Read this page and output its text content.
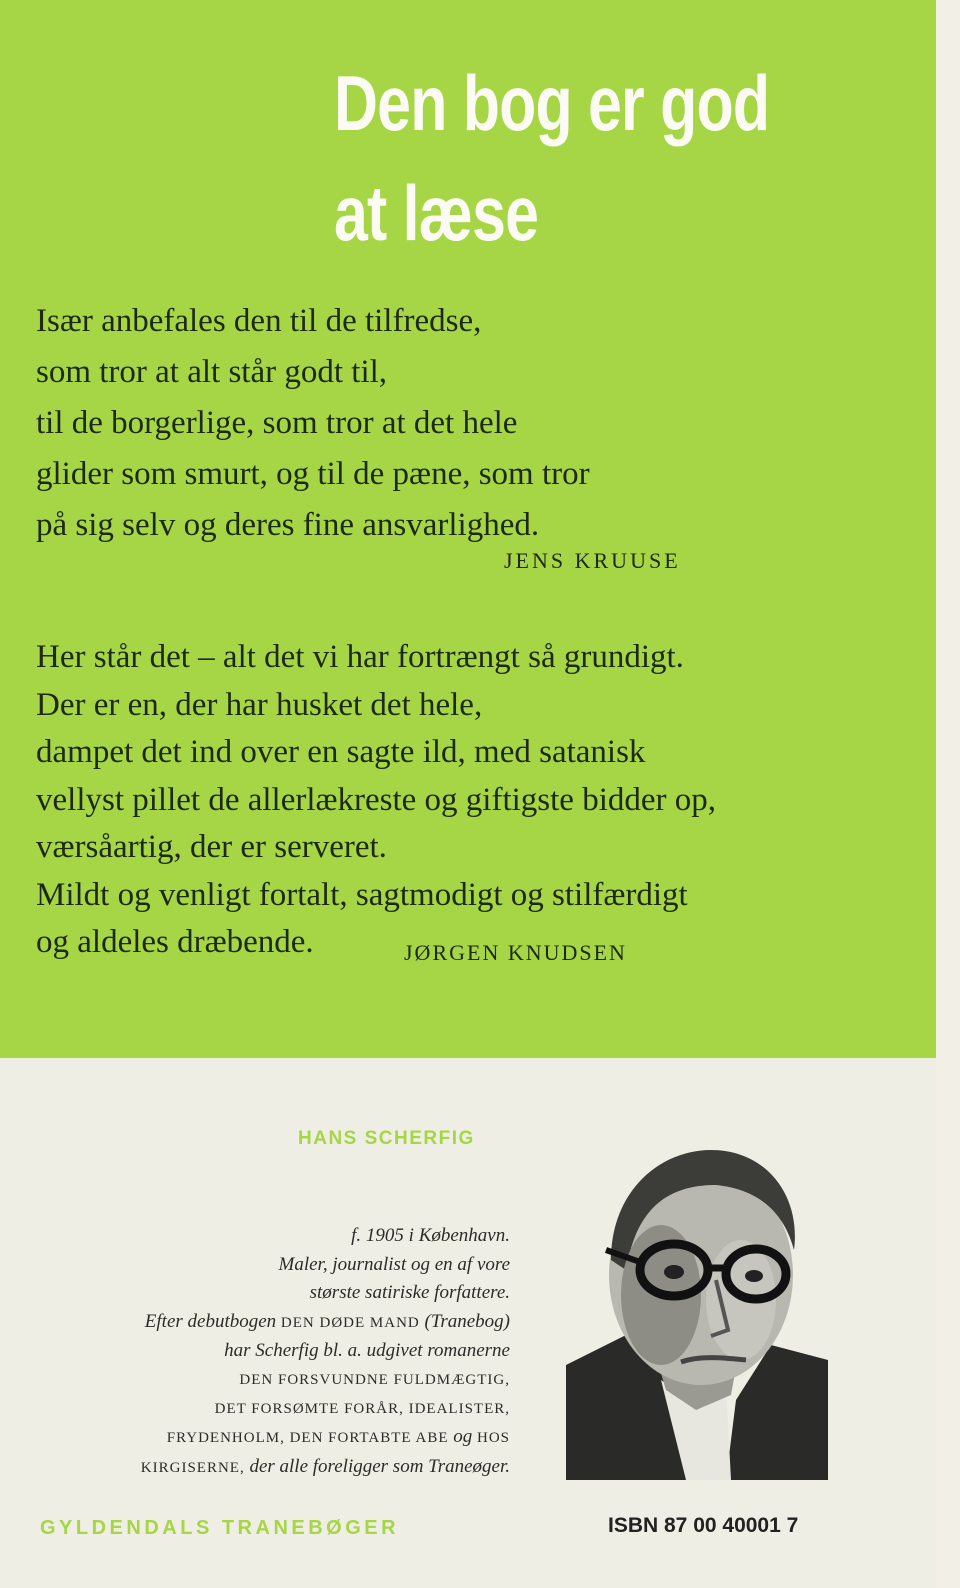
Den bog er god
at læse
Især anbefales den til de tilfredse,
som tror at alt står godt til,
til de borgerlige, som tror at det hele
glider som smurt, og til de pæne, som tror
på sig selv og deres fine ansvarlighed.
JENS KRUUSE
Her står det – alt det vi har fortrængt så grundigt.
Der er en, der har husket det hele,
dampet det ind over en sagte ild, med satanisk
vellyst pillet de allerlækreste og giftigste bidder op,
værsåartig, der er serveret.
Mildt og venligt fortalt, sagtmodigt og stilfærdigt
og aldeles dræbende.	JØRGEN KNUDSEN
HANS SCHERFIG
f. 1905 i København.
Maler, journalist og en af vore
største satiriske forfattere.
Efter debutbogen DEN DØDE MAND (Tranebog)
har Scherfig bl. a. udgivet romanerne
DEN FORSVUNDNE FULDMÆGTIG,
DET FORSØMTE FORÅR, IDEALISTER,
FRYDENHOLM, DEN FORTABTE ABE og HOS
KIRGISERNE, der alle foreligger som Traneøger.
GYLDENDALS TRANEBØGER	ISBN 87 00 40001 7
